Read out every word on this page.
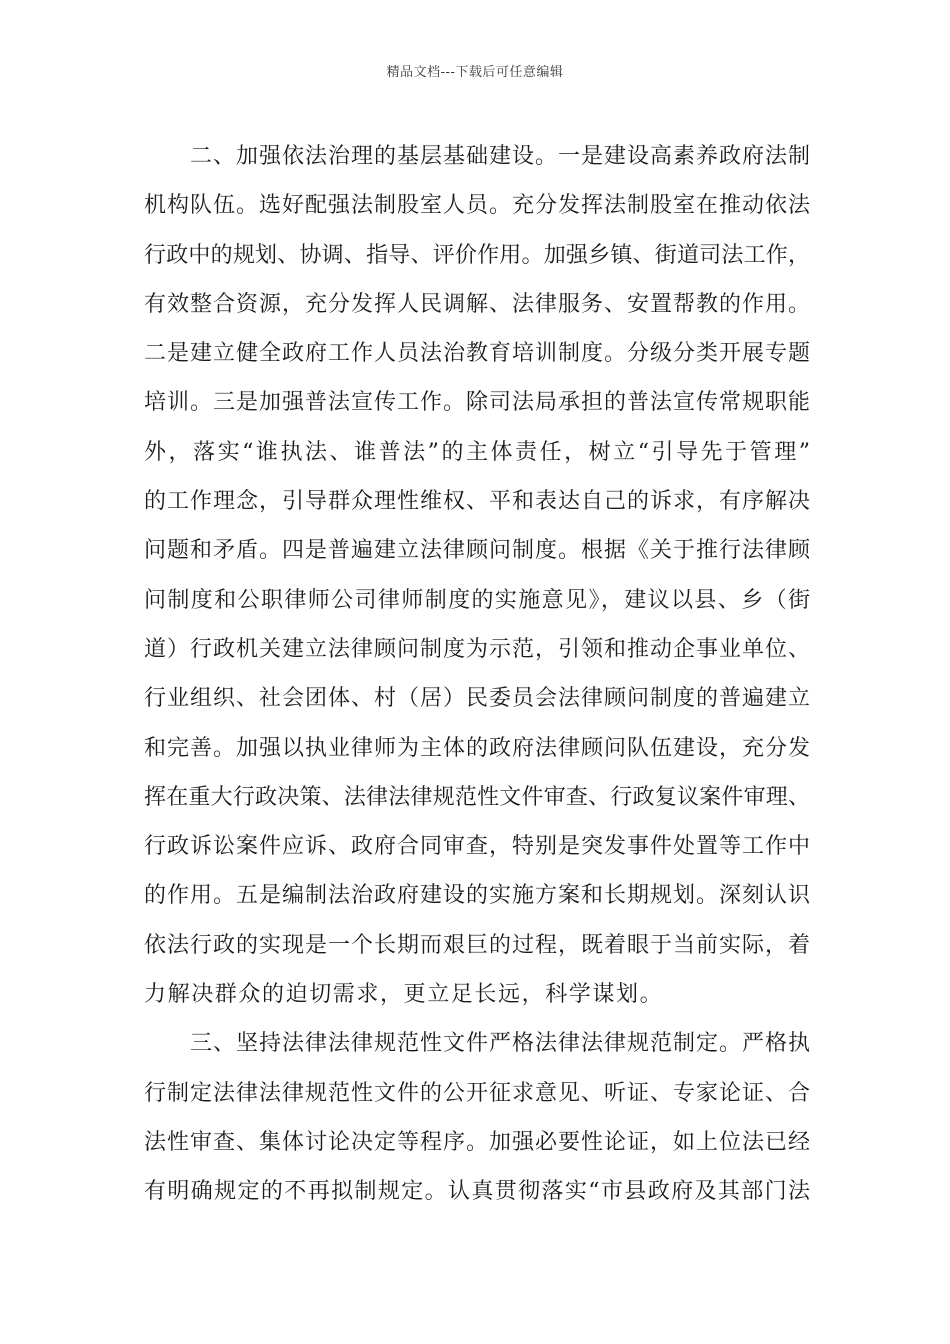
精品文档---下载后可任意编辑
二、加强依法治理的基层基础建设。一是建设高素养政府法制
机构队伍。选好配强法制股室人员。充分发挥法制股室在推动依法
行政中的规划、协调、指导、评价作用。加强乡镇、街道司法工作，
有效整合资源，充分发挥人民调解、法律服务、安置帮教的作用。
二是建立健全政府工作人员法治教育培训制度。分级分类开展专题
培训。三是加强普法宣传工作。除司法局承担的普法宣传常规职能
外，落实“谁执法、谁普法”的主体责任，树立“引导先于管理”
的工作理念，引导群众理性维权、平和表达自己的诉求，有序解决
问题和矛盾。四是普遍建立法律顾问制度。根据《关于推行法律顾
问制度和公职律师公司律师制度的实施意见》，建议以县、乡（街
道）行政机关建立法律顾问制度为示范，引领和推动企事业单位、
行业组织、社会团体、村（居）民委员会法律顾问制度的普遍建立
和完善。加强以执业律师为主体的政府法律顾问队伍建设，充分发
挥在重大行政决策、法律法律规范性文件审查、行政复议案件审理、
行政诉讼案件应诉、政府合同审查，特别是突发事件处置等工作中
的作用。五是编制法治政府建设的实施方案和长期规划。深刻认识
依法行政的实现是一个长期而艰巨的过程，既着眼于当前实际，着
力解决群众的迫切需求，更立足长远，科学谋划。
三、坚持法律法律规范性文件严格法律法律规范制定。严格执
行制定法律法律规范性文件的公开征求意见、听证、专家论证、合
法性审查、集体讨论决定等程序。加强必要性论证，如上位法已经
有明确规定的不再拟制规定。认真贯彻落实“市县政府及其部门法
